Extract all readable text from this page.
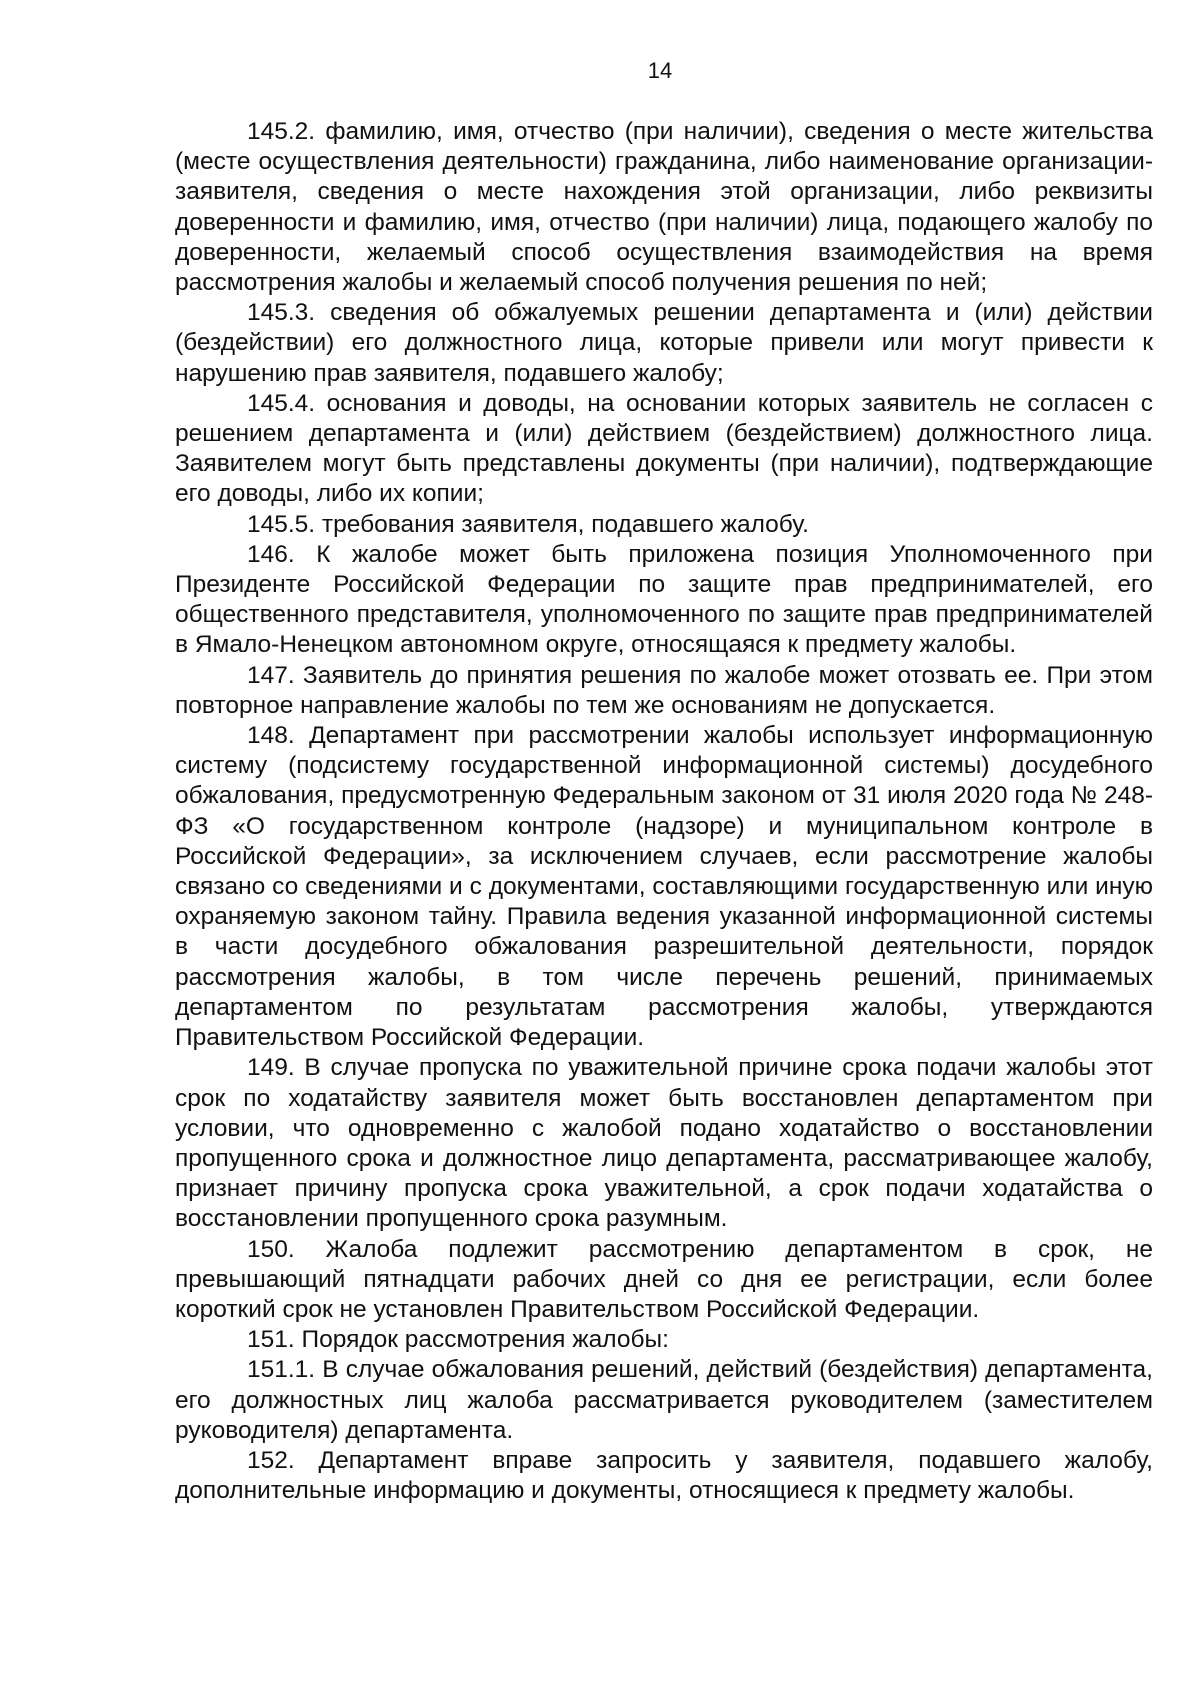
14

145.2. фамилию, имя, отчество (при наличии), сведения о месте жительства (месте осуществления деятельности) гражданина, либо наименование организации-заявителя, сведения о месте нахождения этой организации, либо реквизиты доверенности и фамилию, имя, отчество (при наличии) лица, подающего жалобу по доверенности, желаемый способ осуществления взаимодействия на время рассмотрения жалобы и желаемый способ получения решения по ней;

145.3. сведения об обжалуемых решении департамента и (или) действии (бездействии) его должностного лица, которые привели или могут привести к нарушению прав заявителя, подавшего жалобу;

145.4. основания и доводы, на основании которых заявитель не согласен с решением департамента и (или) действием (бездействием) должностного лица. Заявителем могут быть представлены документы (при наличии), подтверждающие его доводы, либо их копии;

145.5. требования заявителя, подавшего жалобу.

146. К жалобе может быть приложена позиция Уполномоченного при Президенте Российской Федерации по защите прав предпринимателей, его общественного представителя, уполномоченного по защите прав предпринимателей в Ямало-Ненецком автономном округе, относящаяся к предмету жалобы.

147. Заявитель до принятия решения по жалобе может отозвать ее. При этом повторное направление жалобы по тем же основаниям не допускается.

148. Департамент при рассмотрении жалобы использует информационную систему (подсистему государственной информационной системы) досудебного обжалования, предусмотренную Федеральным законом от 31 июля 2020 года № 248-ФЗ «О государственном контроле (надзоре) и муниципальном контроле в Российской Федерации», за исключением случаев, если рассмотрение жалобы связано со сведениями и с документами, составляющими государственную или иную охраняемую законом тайну. Правила ведения указанной информационной системы в части досудебного обжалования разрешительной деятельности, порядок рассмотрения жалобы, в том числе перечень решений, принимаемых департаментом по результатам рассмотрения жалобы, утверждаются Правительством Российской Федерации.

149. В случае пропуска по уважительной причине срока подачи жалобы этот срок по ходатайству заявителя может быть восстановлен департаментом при условии, что одновременно с жалобой подано ходатайство о восстановлении пропущенного срока и должностное лицо департамента, рассматривающее жалобу, признает причину пропуска срока уважительной, а срок подачи ходатайства о восстановлении пропущенного срока разумным.

150. Жалоба подлежит рассмотрению департаментом в срок, не превышающий пятнадцати рабочих дней со дня ее регистрации, если более короткий срок не установлен Правительством Российской Федерации.

151. Порядок рассмотрения жалобы:

151.1. В случае обжалования решений, действий (бездействия) департамента, его должностных лиц жалоба рассматривается руководителем (заместителем руководителя) департамента.

152. Департамент вправе запросить у заявителя, подавшего жалобу, дополнительные информацию и документы, относящиеся к предмету жалобы.
